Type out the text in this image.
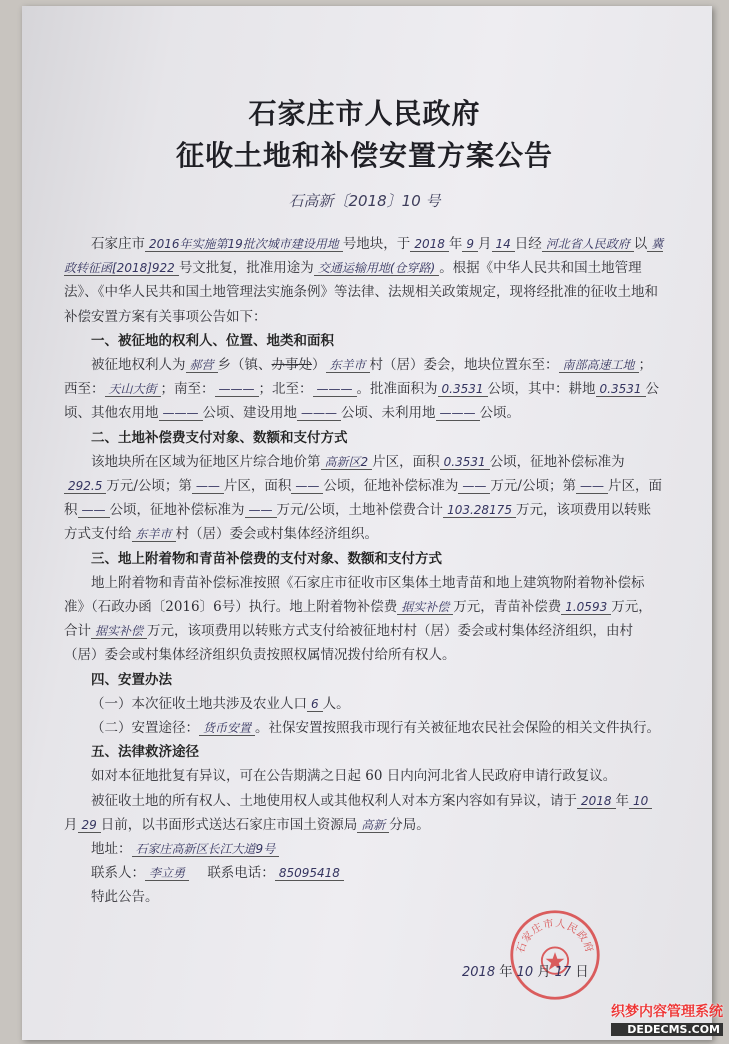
石家庄市人民政府
征收土地和补偿安置方案公告
石高新〔2018〕10 号

石家庄市 2016年实施第19批次城市建设用地 号地块，于 2018 年 9 月 14 日经 河北省人民政府 以 冀政转征函[2018]922 号文批复，批准用途为 交通运输用地(仓穿路) 。根据《中华人民共和国土地管理法》、《中华人民共和国土地管理法实施条例》等法律、法规相关政策规定，现将经批准的征收土地和补偿安置方案有关事项公告如下：

一、被征地的权利人、位置、地类和面积

被征地权利人为 郝营 乡（镇、办事处） 东羊市 村（居）委会，地块位置东至： 南部高速工地 ；西至： 天山大街 ；南至： ——— ；北至： ——— 。批准面积为 0.3531 公顷，其中：耕地 0.3531 公顷、其他农用地 ——— 公顷、建设用地 ——— 公顷、未利用地 ——— 公顷。

二、土地补偿费支付对象、数额和支付方式

该地块所在区域为征地区片综合地价第 高新区2 片区，面积 0.3531 公顷，征地补偿标准为292.5 万元/公顷；第 —— 片区，面积 —— 公顷，征地补偿标准为 —— 万元/公顷；第 —— 片区，面积 —— 公顷，征地补偿标准为 —— 万元/公顷，土地补偿费合计 103.28175 万元，该项费用以转账方式支付给 东羊市 村（居）委会或村集体经济组织。

三、地上附着物和青苗补偿费的支付对象、数额和支付方式

地上附着物和青苗补偿标准按照《石家庄市征收市区集体土地青苗和地上建筑物附着物补偿标准》（石政办函〔2016〕6号）执行。地上附着物补偿费 据实补偿 万元，青苗补偿费 1.0593 万元，合计 据实补偿 万元，该项费用以转账方式支付给被征地村村（居）委会或村集体经济组织，由村（居）委会或村集体经济组织负责按照权属情况拨付给所有权人。

四、安置办法

（一）本次征收土地共涉及农业人口 6 人。

（二）安置途径： 货币安置 。社保安置按照我市现行有关被征地农民社会保险的相关文件执行。

五、法律救济途径

如对本征地批复有异议，可在公告期满之日起 60 日内向河北省人民政府申请行政复议。

被征收土地的所有权人、土地使用权人或其他权利人对本方案内容如有异议，请于 2018 年 10月 29 日前，以书面形式送达石家庄市国土资源局 高新 分局。

地址： 石家庄高新区长江大道9号

联系人： 李立勇 联系电话： 85095418

特此公告。

石家庄市人民政府
2018 年 10 月 17 日
织梦内容管理系统
DEDECMS.COM
